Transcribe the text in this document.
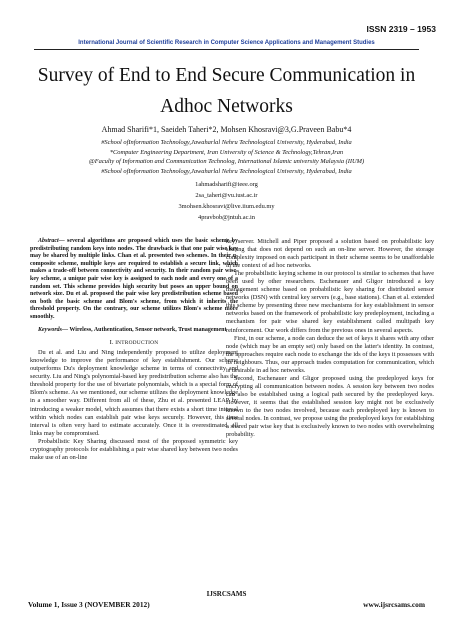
ISSN 2319 – 1953
International Journal of Scientific Research in Computer Science Applications and Management Studies
Survey of End to End Secure Communication in Adhoc Networks
Ahmad Sharifi*1, Saeideh Taheri*2, Mohsen Khosravi@3,G.Praveen Babu*4
#School ofInformation Technology,Jawaharlal Nehru Technological University, Hyderabad, India
*Computer Engineering Department, Iran University of Science & Technology,Tehran,Iran
@Faculty of Information and Communication Technolog, International Islamic university Malaysia (IIUM)
#School ofInformation Technology,Jawaharlal Nehru Technological University, Hyderabad, India
1ahmadsharifi@ieee.org
2sa_taheri@vu.iust.ac.ir
3mohsen.khosravi@live.iium.edu.my
4pravbob@jntuh.ac.in
Abstract— several algorithms are proposed which uses the basic scheme by predistributing random keys into nodes. The drawback is that one pair wise key may be shared by multiple links. Chan et al. presented two schemes. In their q-composite scheme, multiple keys are required to establish a secure link, which makes a trade-off between connectivity and security. In their random pair wise-key scheme, a unique pair wise key is assigned to each node and every one of a random set. This scheme provides high security but poses an upper bound on network size. Du et al. proposed the pair wise key predistribution scheme based on both the basic scheme and Blom's scheme, from which it inherits the threshold property. On the contrary, our scheme utilizes Blom's scheme more smoothly.
Keywords— Wireless, Authentication, Sensor network, Trust management
I. INTRODUCTION

Du et al. and Liu and Ning independently proposed to utilize deployment knowledge to improve the performance of key establishment. Our scheme outperforms Du's deployment knowledge scheme in terms of connectivity and security. Liu and Ning's polynomial-based key predistribution scheme also has the threshold property for the use of bivariate polynomials, which is a special form of Blom's scheme. As we mentioned, our scheme utilizes the deployment knowledge in a smoother way. Different from all of these, Zhu et al. presented LEAP by introducing a weaker model, which assumes that there exists a short time interval within which nodes can establish pair wise keys securely. However, this time interval is often very hard to estimate accurately. Once it is overestimated, all links may be compromised.

Probabilistic Key Sharing discussed most of the proposed symmetric key cryptography protocols for establishing a pair wise shared key between two nodes make use of an on-line

key server. Mitchell and Piper proposed a solution based on probabilistic key sharing that does not depend on such an on-line server. However, the storage complexity imposed on each participant in their scheme seems to be unaffordable in the context of ad hoc networks.

The probabilistic keying scheme in our protocol is similar to schemes that have been used by other researchers. Eschenauer and Gligor introduced a key management scheme based on probabilistic key sharing for distributed sensor networks (DSN) with central key servers (e.g., base stations). Chan et al. extended this scheme by presenting three new mechanisms for key establishment in sensor networks based on the framework of probabilistic key predeployment, including a mechanism for pair wise shared key establishment called multipath key reinforcement. Our work differs from the previous ones in several aspects.

First, in our scheme, a node can deduce the set of keys it shares with any other node (which may be an empty set) only based on the latter's identity. In contrast, the approaches require each node to exchange the ids of the keys it possesses with its neighbours. Thus, our approach trades computation for communication, which is desirable in ad hoc networks.

Second, Eschenauer and Gligor proposed using the predeployed keys for encrypting all communication between nodes. A session key between two nodes can also be established using a logical path secured by the predeployed keys. However, it seems that the established session key might not be exclusively known to the two nodes involved, because each predeployed key is known to several nodes. In contrast, we propose using the predeployed keys for establishing a shared pair wise key that is exclusively known to two nodes with overwhelming probability.

IJSRCSAMS
Volume 1, Issue 3 (NOVEMBER 2012)	www.ijsrcsams.com
